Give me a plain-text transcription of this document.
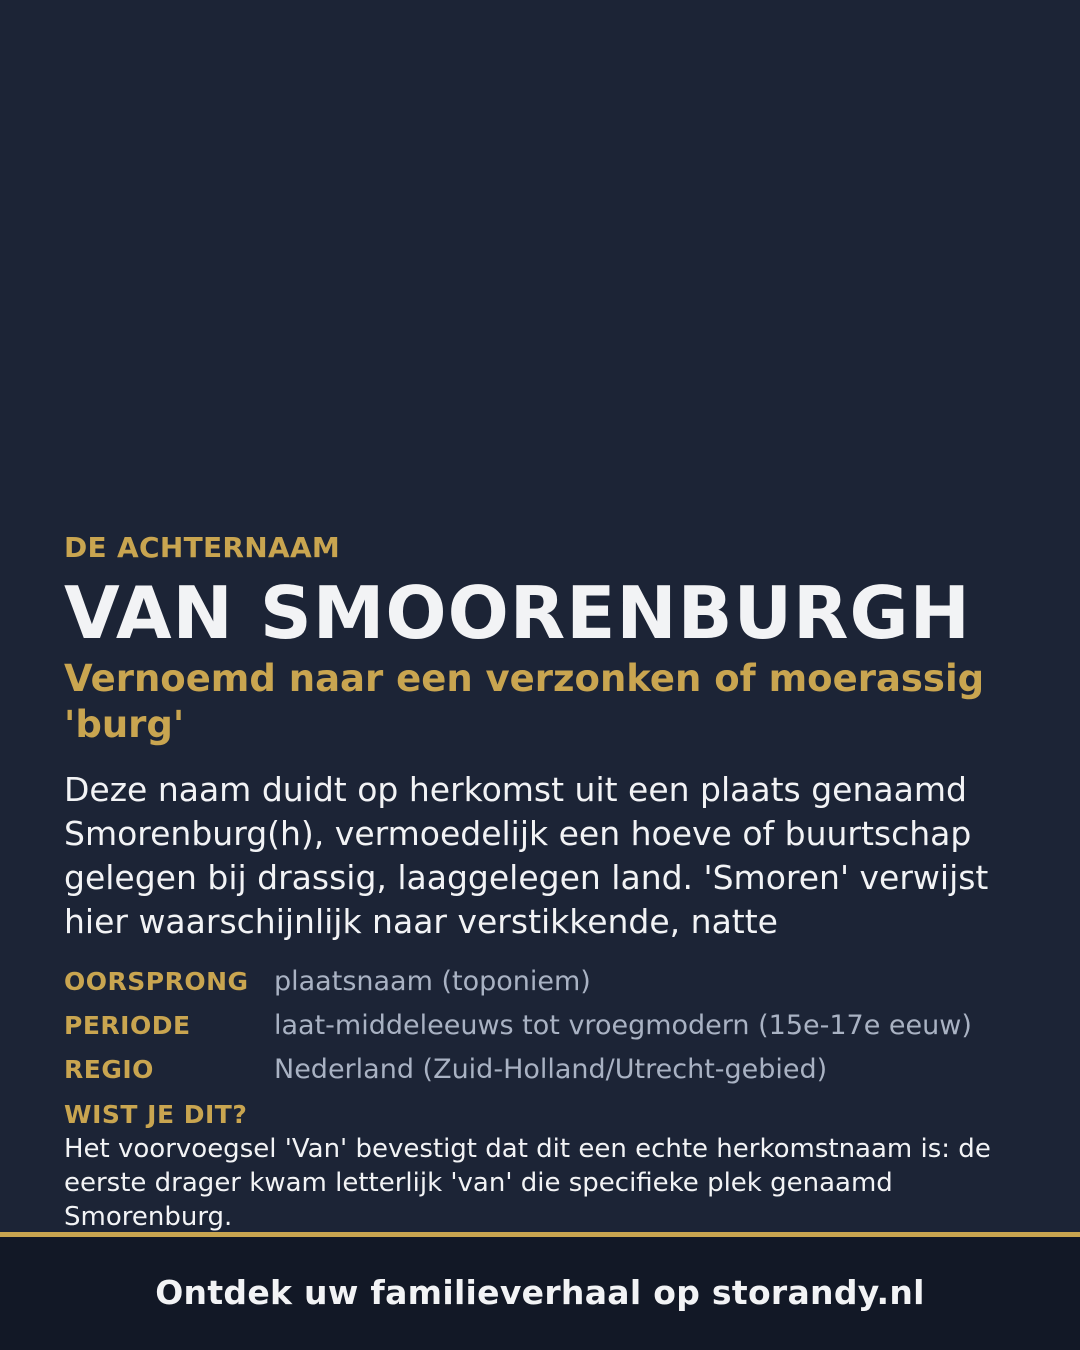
DE ACHTERNAAM

VAN SMOORENBURGH
Vernoemd naar een verzonken of moerassig 'burg'

Deze naam duidt op herkomst uit een plaats genaamd Smorenburg(h), vermoedelijk een hoeve of buurtschap gelegen bij drassig, laaggelegen land. 'Smoren' verwijst hier waarschijnlijk naar verstikkende, natte

OORSPRONG plaatsnaam (toponiem)
PERIODE	laat-middeleeuws tot vroegmodern (15e-17e eeuw)
REGIO	Nederland (Zuid-Holland/Utrecht-gebied)
WIST JE DIT?
Het voorvoegsel 'Van' bevestigt dat dit een echte herkomstnaam is: de eerste drager kwam letterlijk 'van' die specifieke plek genaamd Smorenburg.
Ontdek uw familieverhaal op storandy.nl
